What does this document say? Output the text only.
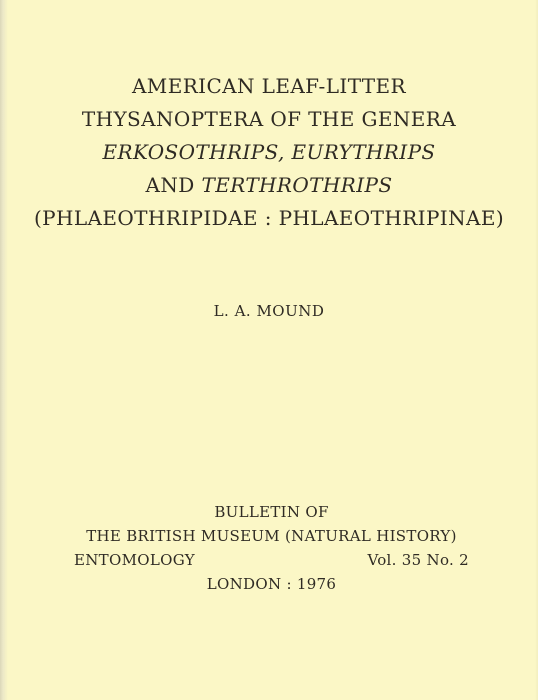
AMERICAN LEAF-LITTER
THYSANOPTERA OF THE GENERA
ERKOSOTHRIPS, EURYTHRIPS
AND TERTHROTHRIPS
(PHLAEOTHRIPIDAE : PHLAEOTHRIPINAE)
L. A. MOUND
BULLETIN OF
THE BRITISH MUSEUM (NATURAL HISTORY)
ENTOMOLOGY	Vol. 35 No. 2
LONDON : 1976
